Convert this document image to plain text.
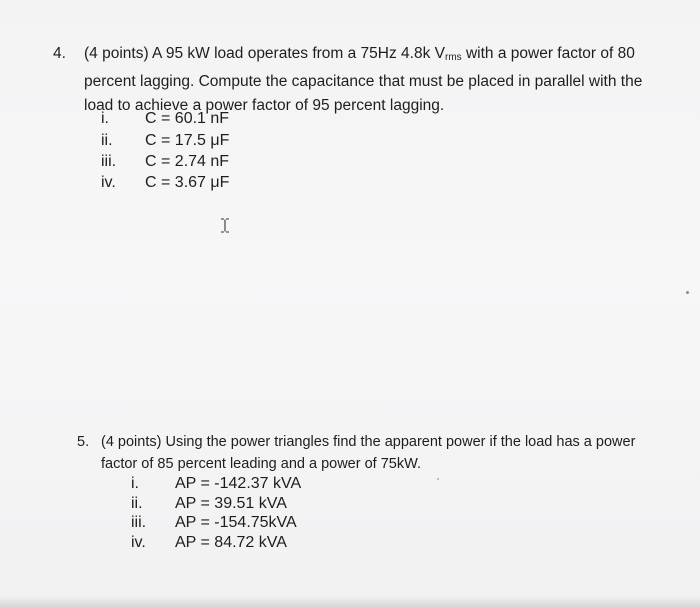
4. (4 points) A 95 kW load operates from a 75Hz 4.8k $V_{rms}$ with a power factor of 80 percent lagging. Compute the capacitance that must be placed in parallel with the load to achieve a power factor of 95 percent lagging.
i. C = 60.1 nF
ii. C = 17.5 μF
iii. C = 2.74 nF
iv. C = 3.67 μF
5. (4 points) Using the power triangles find the apparent power if the load has a power factor of 85 percent leading and a power of 75kW.
i. AP = -142.37 kVA
ii. AP = 39.51 kVA
iii. AP = -154.75kVA
iv. AP = 84.72 kVA
